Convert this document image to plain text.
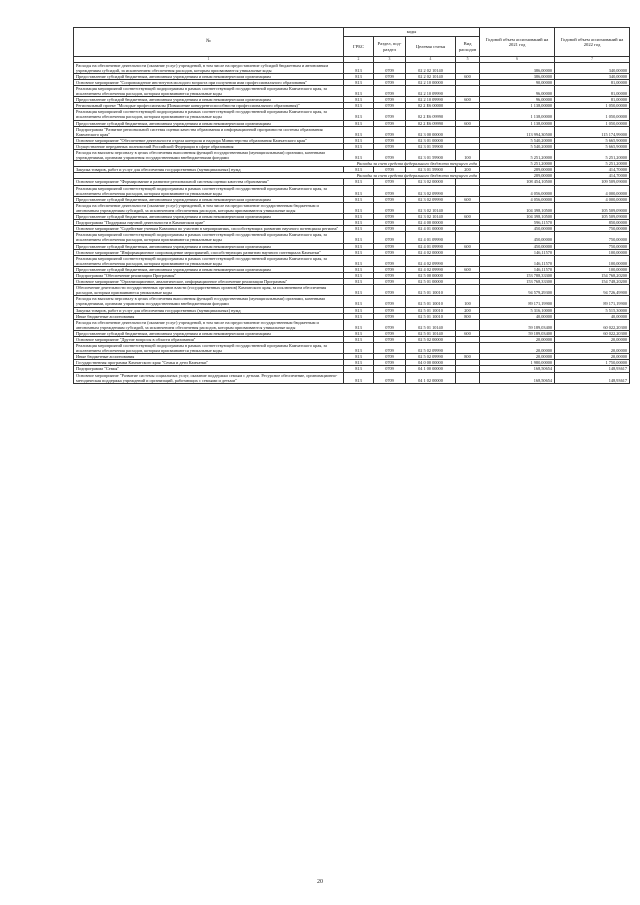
№	коды				Годовой объем ассигнований на 2021 год	Годовой объем ассигнований на 2022 год
	ГРБС	Раздел, под-раздел	Целевая статья	Вид расходов		
1	2	3	4	5	6	7
Расходы на обеспечение деятельности (оказание услуг) учреждений, в том числе на предоставление субсидий бюджетным и автономным учреждениям субсидий, за исключением обеспечения расходов, которым присваиваются уникальные коды	813	0709	02 2 02 10140		386,00000	340,00000
Предоставление субсидий бюджетным, автономным учреждениям и иным некоммерческим организациям	813	0709	02 2 02 10140	600	386,00000	340,00000
Основное мероприятие "Сопровождение институтов молодого возраста при получении ими профессионального образования"	813	0709	02 2 10 00000		90,00000	81,00000
Реализация мероприятий соответствующей подпрограммы в рамках соответствующей государственной программы Камчатского края, за исключением обеспечения расходов, которым присваиваются уникальные коды	813	0709	02 2 10 09990		96,00000	81,00000
Предоставление субсидий бюджетным, автономным учреждениям и иным некоммерческим организациям	813	0709	02 2 10 09990	600	96,00000	81,00000
Региональный проект "Молодые профессионалы (Повышение конкурентоспособности профессионального образования)"	813	0709	02 2 E6 00000		1 138,00000	1 050,00000
Реализация мероприятий соответствующей подпрограммы в рамках соответствующей государственной программы Камчатского края, за исключением обеспечения расходов, которым присваиваются уникальные коды	813	0709	02 2 E6 09990		1 138,00000	1 050,00000
Предоставление субсидий бюджетным, автономным учреждениям и иным некоммерческим организациям	813	0709	02 2 E6 09990	600	1 138,00000	1 050,00000
Подпрограмма "Развитие региональной системы оценки качества образования и информационной прозрачности системы образования Камчатского края"	813	0709	02 3 00 00000		113 994,30500	115 174,99000
Основное мероприятие "Обеспечение деятельности отдела контроля и надзора Министерства образования Камчатского края"	813	0709	02 3 01 00000		5 540,20000	5 665,90000
Осуществление переданных полномочий Российской Федерации в сфере образования	813	0709	02 3 01 59900		5 540,20000	5 665,90000
Расходы на выплаты персоналу в целях обеспечения выполнения функций государственными (муниципальными) органами, казенными учреждениями, органами управления государственными внебюджетными фондами	813	0709	02 3 01 59900	100	5 251,20000	5 251,20000
Расходы за счет средств федерального бюджета текущего года					5 251,20000	5 251,20000
Закупка товаров, работ и услуг для обеспечения государственных (муниципальных) нужд	813	0709	02 3 01 59900	200	289,00000	414,70000
Расходы за счет средств федерального бюджета текущего года					289,00000	414,70000
Основное мероприятие "Формирование и развитие региональной системы оценки качества образования"	813	0709	02 3 02 00000		108 454,10500	109 509,09000
Реализация мероприятий соответствующей подпрограммы в рамках соответствующей государственной программы Камчатского края, за исключением обеспечения расходов, которым присваиваются уникальные коды	813	0709	02 3 02 09990		4 056,00000	4 000,00000
Предоставление субсидий бюджетным, автономным учреждениям и иным некоммерческим организациям	813	0709	02 3 02 09990	600	4 056,00000	4 000,00000
Расходы на обеспечение деятельности (оказание услуг) учреждений, в том числе на предоставление государственным бюджетным и автономным учреждениям субсидий, за исключением обеспечения расходов, которым присваиваются уникальные коды	813	0709	02 3 02 10140		104 398,10500	105 509,09000
Предоставление субсидий бюджетным, автономным учреждениям и иным некоммерческим организациям	813	0709	02 3 02 10140	600	104 398,10500	105 509,09000
Подпрограмма "Поддержка научной деятельности в Камчатском крае"	813	0709	02 4 00 00000		596,11570	850,00000
Основное мероприятие "Содействие ученым Камчатки по участию в мероприятиях, способствующих развитию научного потенциала региона"	813	0709	02 4 01 00000		450,00000	750,00000
Реализация мероприятий соответствующей подпрограммы в рамках соответствующей государственной программы Камчатского края, за исключением обеспечения расходов, которым присваиваются уникальные коды	813	0709	02 4 01 09990		450,00000	750,00000
Предоставление субсидий бюджетным, автономным учреждениям и иным некоммерческим организациям	813	0709	02 4 01 09990	600	450,00000	750,00000
Основное мероприятие "Информационное сопровождение мероприятий, способствующих развитию научного потенциала Камчатки"	813	0709	02 4 02 00000		146,11570	100,00000
Реализация мероприятий соответствующей подпрограммы в рамках соответствующей государственной программы Камчатского края, за исключением обеспечения расходов, которым присваиваются уникальные коды	813	0709	02 4 02 09990		146,11570	100,00000
Предоставление субсидий бюджетным, автономным учреждениям и иным некоммерческим организациям	813	0709	02 4 02 09990	600	146,11570	100,00000
Подпрограмма "Обеспечение реализации Программы"	813	0709	02 5 00 00000		153 788,33300	154 768,20200
Основное мероприятие "Организационное, аналитическое, информационное обеспечение реализации Программы"	813	0709	02 5 01 00000		153 768,33300	154 748,20200
Обеспечение деятельности государственных органов власти (государственных органов) Камчатского края, за исключением обеспечения расходов, которым присваиваются уникальные коды	813	0709	02 5 01 10010		94 579,29300	94 726,49900
Расходы на выплаты персоналу в целях обеспечения выполнения функций государственными (муниципальными) органами, казенными учреждениями, органами управления государственными внебюджетными фондами	813	0709	02 5 01 10010	100	89 171,19900	89 171,19900
Закупка товаров, работ и услуг для обеспечения государственных (муниципальных) нужд	813	0709	02 5 01 10010	200	5 316,10000	5 515,30000
Иные бюджетные ассигнования	813	0709	02 5 01 10010	800	40,00000	40,00000
Расходы на обеспечение деятельности (оказание услуг) учреждений, в том числе на предоставление государственным бюджетным и автономным учреждениям субсидий, за исключением обеспечения расходов, которым присваиваются уникальные коды	813	0709	02 5 01 10140		59 189,03400	60 022,20300
Предоставление субсидий бюджетным, автономным учреждениям и иным некоммерческим организациям	813	0709	02 5 01 10140	600	59 189,03400	60 022,20300
Основное мероприятие "Другие вопросы в области образования"	813	0709	02 5 02 00000		20,00000	20,00000
Реализация мероприятий соответствующей подпрограммы в рамках соответствующей государственной программы Камчатского края, за исключением обеспечения расходов, которым присваиваются уникальные коды	813	0709	02 5 02 09990		20,00000	20,00000
Иные бюджетные ассигнования	813	0709	02 5 02 09990	800	20,00000	20,00000
Государственная программа Камчатского края "Семья и дети Камчатки"	813	0709	04 0 00 00000		1 980,00000	1 750,00000
Подпрограмма "Семья"	813	0709	04 1 00 00000		168,50654	148,93617
Основное мероприятие "Развитие системы социальных услуг, оказание поддержки семьям с детьми. Ресурсное обеспечение, организационно-методическая поддержка учреждений и организаций, работающих с семьями и детьми"	813	0709	04 1 02 00000		168,50654	148,93617
20
